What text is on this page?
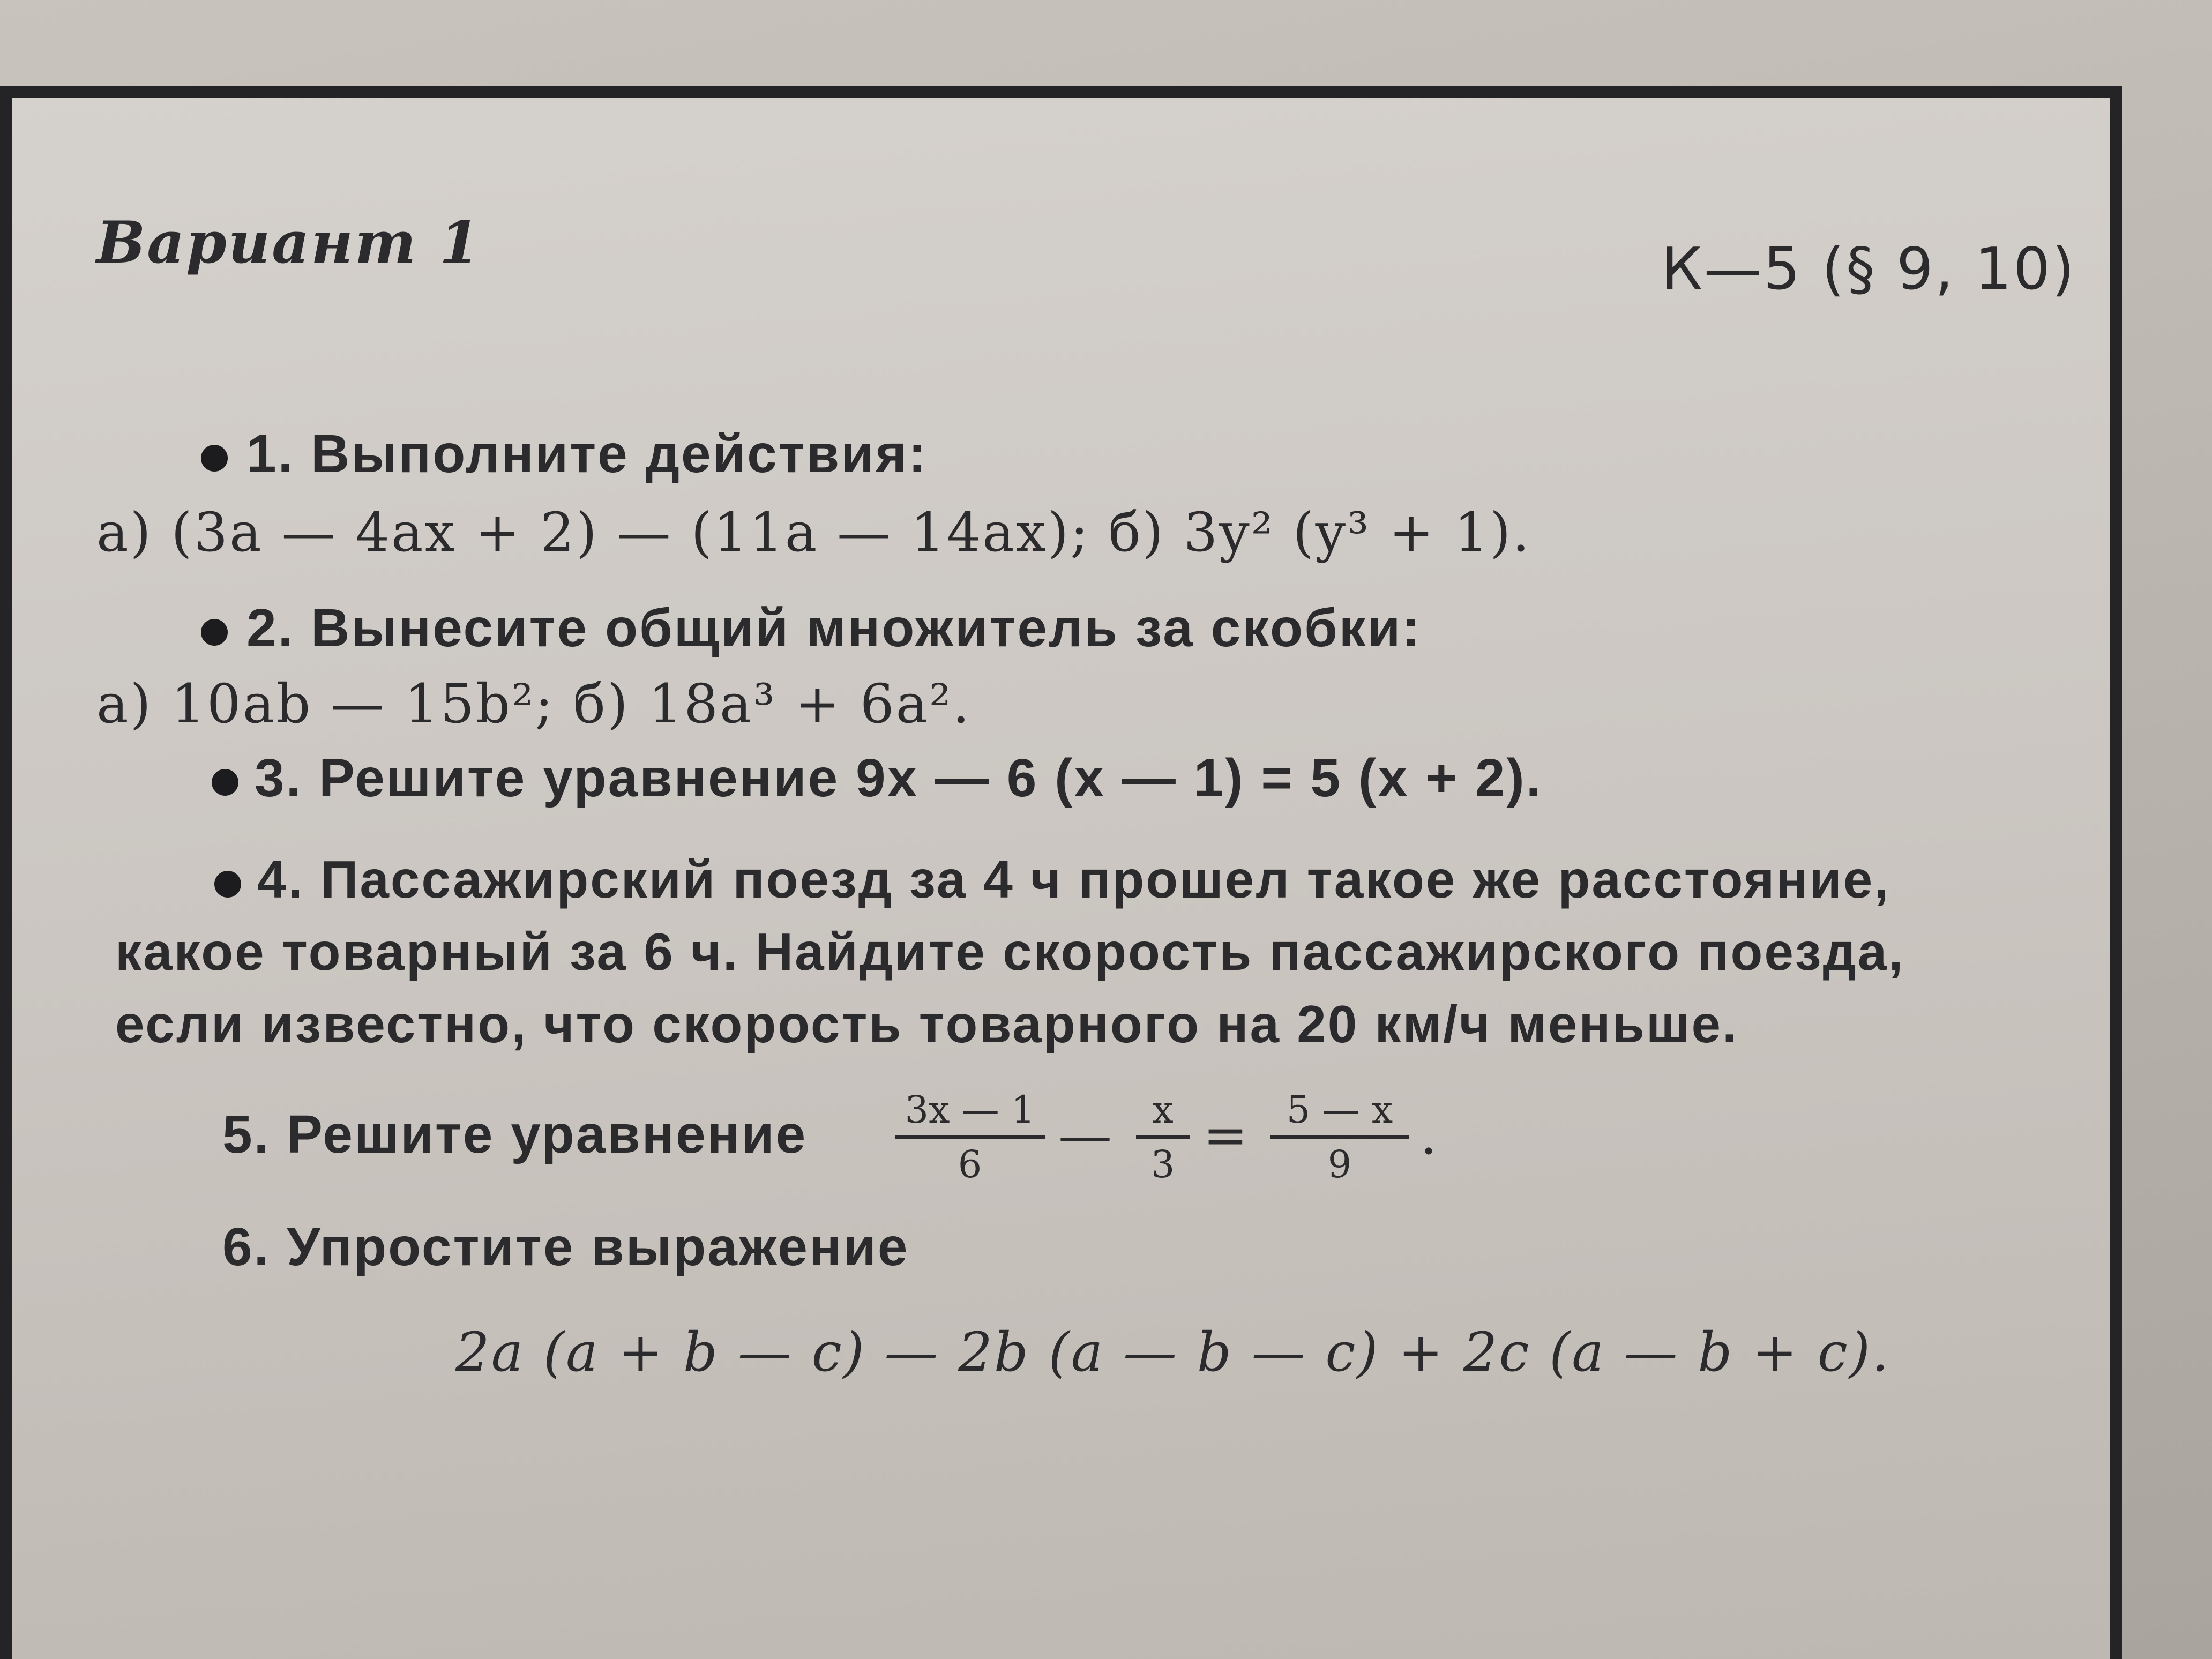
Вариант 1	К—5 (§ 9, 10)
1. Выполните действия:
а) (3a — 4ax + 2) — (11a — 14ax); б) 3y² (y³ + 1).
2. Вынесите общий множитель за скобки:
а) 10ab — 15b²; б) 18a³ + 6a².
3. Решите уравнение 9x — 6 (x — 1) = 5 (x + 2).
4. Пассажирский поезд за 4 ч прошел такое же расстояние,
какое товарный за 6 ч. Найдите скорость пассажирского поезда,
если известно, что скорость товарного на 20 км/ч меньше.
5. Решите уравнение	3x — 1
6	—	x
3 =	5 — x
9	.
6. Упростите выражение
2a (a + b — c) — 2b (a — b — c) + 2c (a — b + c).
